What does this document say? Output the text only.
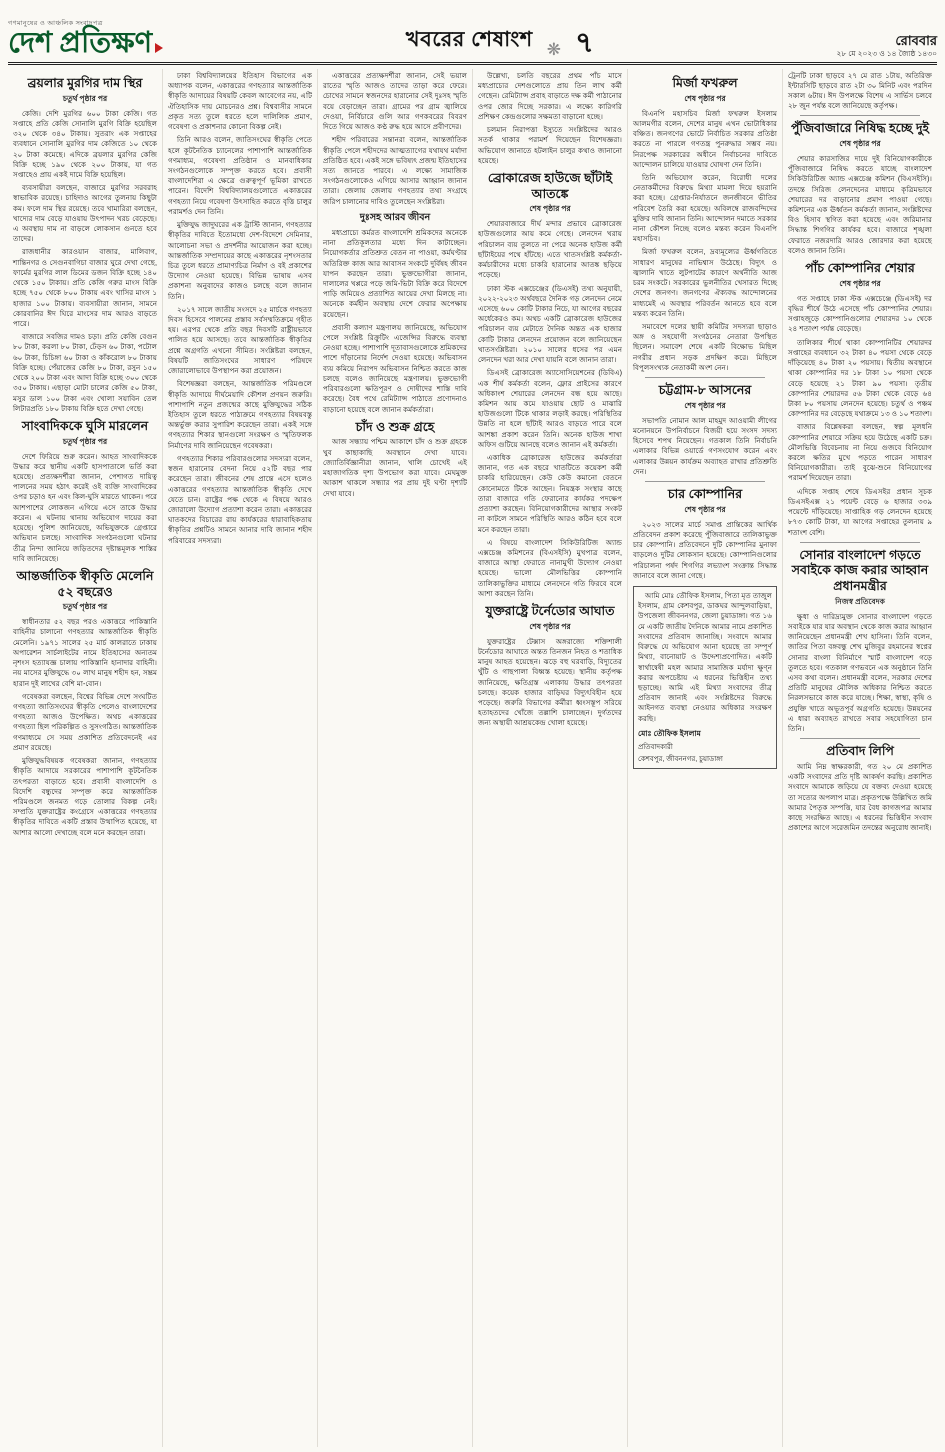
গণমানুষের ও আঞ্চলিক সংবাদপত্র
দেশ প্রতিক্ষণ	খবরের শেষাংশ ❋ ৭	রোববার
২৮ মে ২০২৩ ও ১৪ জ্যৈষ্ঠ ১৪৩০
ব্রয়লার মুরগির দাম স্থির
চতুর্থ পৃষ্ঠার পর

কেজি। দেশি মুরগির ৬০০ টাকা কেজি। গত সপ্তাহে প্রতি কেজি সোনালি মুরগি বিক্রি হয়েছিল ৩২০ থেকে ৩৪০ টাকায়। সুতরাং এক সপ্তাহের ব্যবধানে সোনালি মুরগির দাম কেজিতে ১০ থেকে ২০ টাকা কমেছে। এদিকে ব্রয়লার মুরগির কেজি বিক্রি হচ্ছে ১৯০ থেকে ২০০ টাকায়, যা গত সপ্তাহেও প্রায় একই দামে বিক্রি হয়েছিল।

ব্যবসায়ীরা বলছেন, বাজারে মুরগির সরবরাহ স্বাভাবিক রয়েছে। চাহিদাও আগের তুলনায় কিছুটা কম। ফলে দাম স্থির রয়েছে। তবে খামারিরা বলছেন, খাদ্যের দাম বেড়ে যাওয়ায় উৎপাদন খরচ বেড়েছে। এ অবস্থায় দাম না বাড়লে লোকসান গুনতে হবে তাদের।

রাজধানীর কারওয়ান বাজার, মালিবাগ, শান্তিনগর ও সেগুনবাগিচা বাজার ঘুরে দেখা গেছে, ফার্মের মুরগির লাল ডিমের ডজন বিক্রি হচ্ছে ১৪০ থেকে ১৫০ টাকায়। প্রতি কেজি গরুর মাংস বিক্রি হচ্ছে ৭৫০ থেকে ৮০০ টাকায় এবং খাসির মাংস ১ হাজার ১০০ টাকায়। ব্যবসায়ীরা জানান, সামনে কোরবানির ঈদ ঘিরে মাংসের দাম আরও বাড়তে পারে।

বাজারে সবজির দামও চড়া। প্রতি কেজি বেগুন ৮০ টাকা, করলা ৮০ টাকা, ঢেঁড়স ৬০ টাকা, পটোল ৬০ টাকা, চিচিঙ্গা ৬০ টাকা ও কাঁকরোল ৮০ টাকায় বিক্রি হচ্ছে। পেঁয়াজের কেজি ৮০ টাকা, রসুন ১৫০ থেকে ২০০ টাকা এবং আদা বিক্রি হচ্ছে ৩০০ থেকে ৩৫০ টাকায়। এছাড়া মোটা চালের কেজি ৫০ টাকা, মসুর ডাল ১০০ টাকা এবং খোলা সয়াবিন তেল লিটারপ্রতি ১৮০ টাকায় বিক্রি হতে দেখা গেছে।

সাংবাদিককে ঘুসি মারলেন
চতুর্থ পৃষ্ঠার পর

দেশে ফিরিয়ে শুরু করেন। আহত সাংবাদিককে উদ্ধার করে স্থানীয় একটি হাসপাতালে ভর্তি করা হয়েছে। প্রত্যক্ষদর্শীরা জানান, পেশাগত দায়িত্ব পালনের সময় হঠাৎ করেই ওই ব্যক্তি সাংবাদিকের ওপর চড়াও হন এবং কিল-ঘুসি মারতে থাকেন। পরে আশপাশের লোকজন এগিয়ে এসে তাকে উদ্ধার করেন। এ ঘটনায় থানায় অভিযোগ দায়ের করা হয়েছে। পুলিশ জানিয়েছে, অভিযুক্তকে গ্রেপ্তারে অভিযান চলছে। সাংবাদিক সংগঠনগুলো ঘটনার তীব্র নিন্দা জানিয়ে জড়িতদের দৃষ্টান্তমূলক শাস্তির দাবি জানিয়েছে।

আন্তর্জাতিক স্বীকৃতি মেলেনি ৫২ বছরেও
চতুর্থ পৃষ্ঠার পর

স্বাধীনতার ৫২ বছর পরও একাত্তরে পাকিস্তানি বাহিনীর চালানো গণহত্যার আন্তর্জাতিক স্বীকৃতি মেলেনি। ১৯৭১ সালের ২৫ মার্চ কালরাতে ঢাকায় অপারেশন সার্চলাইটের নামে ইতিহাসের অন্যতম নৃশংস হত্যাযজ্ঞ চালায় পাকিস্তানি হানাদার বাহিনী। নয় মাসের মুক্তিযুদ্ধে ৩০ লাখ মানুষ শহীদ হন, সম্ভ্রম হারান দুই লাখের বেশি মা-বোন।

গবেষকরা বলছেন, বিশ্বের বিভিন্ন দেশে সংঘটিত গণহত্যা জাতিসংঘের স্বীকৃতি পেলেও বাংলাদেশের গণহত্যা আজও উপেক্ষিত। অথচ একাত্তরের গণহত্যা ছিল পরিকল্পিত ও সুসংগঠিত। আন্তর্জাতিক গণমাধ্যমে সে সময় প্রকাশিত প্রতিবেদনেই এর প্রমাণ রয়েছে।

মুক্তিযুদ্ধবিষয়ক গবেষকরা জানান, গণহত্যার স্বীকৃতি আদায়ে সরকারের পাশাপাশি কূটনৈতিক তৎপরতা বাড়াতে হবে। প্রবাসী বাংলাদেশি ও বিদেশি বন্ধুদের সম্পৃক্ত করে আন্তর্জাতিক পরিমণ্ডলে জনমত গড়ে তোলার বিকল্প নেই। সম্প্রতি যুক্তরাষ্ট্রের কংগ্রেসে একাত্তরের গণহত্যার স্বীকৃতির দাবিতে একটি প্রস্তাব উত্থাপিত হয়েছে, যা আশার আলো দেখাচ্ছে বলে মনে করছেন তারা।

ঢাকা বিশ্ববিদ্যালয়ের ইতিহাস বিভাগের এক অধ্যাপক বলেন, একাত্তরের গণহত্যার আন্তর্জাতিক স্বীকৃতি আদায়ের বিষয়টি কেবল আবেগের নয়, এটি ঐতিহাসিক দায় মোচনেরও প্রশ্ন। বিশ্ববাসীর সামনে প্রকৃত সত্য তুলে ধরতে হলে দালিলিক প্রমাণ, গবেষণা ও প্রকাশনার কোনো বিকল্প নেই।

তিনি আরও বলেন, জাতিসংঘের স্বীকৃতি পেতে হলে কূটনৈতিক চ্যানেলের পাশাপাশি আন্তর্জাতিক গণমাধ্যম, গবেষণা প্রতিষ্ঠান ও মানবাধিকার সংগঠনগুলোকে সম্পৃক্ত করতে হবে। প্রবাসী বাংলাদেশিরা এ ক্ষেত্রে গুরুত্বপূর্ণ ভূমিকা রাখতে পারেন। বিদেশি বিশ্ববিদ্যালয়গুলোতে একাত্তরের গণহত্যা নিয়ে গবেষণা উৎসাহিত করতে বৃত্তি চালুর পরামর্শও দেন তিনি।

মুক্তিযুদ্ধ জাদুঘরের এক ট্রাস্টি জানান, গণহত্যার স্বীকৃতির দাবিতে ইতোমধ্যে দেশ-বিদেশে সেমিনার, আলোচনা সভা ও প্রদর্শনীর আয়োজন করা হচ্ছে। আন্তর্জাতিক সম্প্রদায়ের কাছে একাত্তরের নৃশংসতার চিত্র তুলে ধরতে প্রামাণ্যচিত্র নির্মাণ ও বই প্রকাশের উদ্যোগ নেওয়া হয়েছে। বিভিন্ন ভাষায় এসব প্রকাশনা অনুবাদের কাজও চলছে বলে জানান তিনি।

২০১৭ সালে জাতীয় সংসদে ২৫ মার্চকে গণহত্যা দিবস হিসেবে পালনের প্রস্তাব সর্বসম্মতিক্রমে গৃহীত হয়। এরপর থেকে প্রতি বছর দিবসটি রাষ্ট্রীয়ভাবে পালিত হয়ে আসছে। তবে আন্তর্জাতিক স্বীকৃতির প্রশ্নে অগ্রগতি এখনো সীমিত। সংশ্লিষ্টরা বলছেন, বিষয়টি জাতিসংঘের সাধারণ পরিষদে জোরালোভাবে উপস্থাপন করা প্রয়োজন।

বিশেষজ্ঞরা বলছেন, আন্তর্জাতিক পরিমণ্ডলে স্বীকৃতি আদায়ে দীর্ঘমেয়াদি কৌশল প্রণয়ন জরুরি। পাশাপাশি নতুন প্রজন্মের কাছে মুক্তিযুদ্ধের সঠিক ইতিহাস তুলে ধরতে পাঠ্যক্রমে গণহত্যার বিষয়বস্তু অন্তর্ভুক্ত করার সুপারিশ করেছেন তারা। একই সঙ্গে গণহত্যার শিকার স্থানগুলো সংরক্ষণ ও স্মৃতিফলক নির্মাণের দাবি জানিয়েছেন গবেষকরা।

গণহত্যার শিকার পরিবারগুলোর সদস্যরা বলেন, স্বজন হারানোর বেদনা নিয়ে ৫২টি বছর পার করেছেন তারা। জীবনের শেষ প্রান্তে এসে হলেও একাত্তরের গণহত্যার আন্তর্জাতিক স্বীকৃতি দেখে যেতে চান। রাষ্ট্রের পক্ষ থেকে এ বিষয়ে আরও জোরালো উদ্যোগ প্রত্যাশা করেন তারা। একাত্তরের ঘাতকদের বিচারের রায় কার্যকরের ধারাবাহিকতায় স্বীকৃতির প্রশ্নটিও সামনে আনার দাবি জানান শহীদ পরিবারের সদস্যরা।

একাত্তরের প্রত্যক্ষদর্শীরা জানান, সেই ভয়াল রাতের স্মৃতি আজও তাদের তাড়া করে ফেরে। চোখের সামনে স্বজনদের হারানোর সেই দুঃসহ স্মৃতি বয়ে বেড়াচ্ছেন তারা। গ্রামের পর গ্রাম জ্বালিয়ে দেওয়া, নির্বিচারে গুলি আর গণকবরের বিবরণ দিতে গিয়ে আজও কণ্ঠ রুদ্ধ হয়ে আসে প্রবীণদের।

শহীদ পরিবারের সন্তানরা বলেন, আন্তর্জাতিক স্বীকৃতি পেলে শহীদদের আত্মত্যাগের যথাযথ মর্যাদা প্রতিষ্ঠিত হবে। একই সঙ্গে ভবিষ্যৎ প্রজন্ম ইতিহাসের সত্য জানতে পারবে। এ লক্ষ্যে সামাজিক সংগঠনগুলোকেও এগিয়ে আসার আহ্বান জানান তারা। জেলায় জেলায় গণহত্যার তথ্য সংগ্রহে জরিপ চালানোর দাবিও তুলেছেন সংশ্লিষ্টরা।

দুঃসহ আরব জীবন

মধ্যপ্রাচ্যে কর্মরত বাংলাদেশি শ্রমিকদের অনেকে নানা প্রতিকূলতার মধ্যে দিন কাটাচ্ছেন। নিয়োগকর্তার প্রতিশ্রুত বেতন না পাওয়া, কর্মঘণ্টার অতিরিক্ত কাজ আর আবাসন সংকটে দুর্বিষহ জীবন যাপন করছেন তারা। ভুক্তভোগীরা জানান, দালালের খপ্পরে পড়ে জমি-ভিটা বিক্রি করে বিদেশে পাড়ি জমিয়েও প্রত্যাশিত আয়ের দেখা মিলছে না। অনেকে কর্মহীন অবস্থায় দেশে ফেরার অপেক্ষায় রয়েছেন।

প্রবাসী কল্যাণ মন্ত্রণালয় জানিয়েছে, অভিযোগ পেলে সংশ্লিষ্ট রিক্রুটিং এজেন্সির বিরুদ্ধে ব্যবস্থা নেওয়া হচ্ছে। পাশাপাশি দূতাবাসগুলোকে শ্রমিকদের পাশে দাঁড়ানোর নির্দেশ দেওয়া হয়েছে। অভিবাসন ব্যয় কমিয়ে নিরাপদ অভিবাসন নিশ্চিত করতে কাজ চলছে বলেও জানিয়েছে মন্ত্রণালয়। ভুক্তভোগী পরিবারগুলো ক্ষতিপূরণ ও দোষীদের শাস্তি দাবি করেছে। বৈধ পথে রেমিট্যান্স পাঠাতে প্রণোদনাও বাড়ানো হয়েছে বলে জানান কর্মকর্তারা।

চাঁদ ও শুক্র গ্রহে

আজ সন্ধ্যায় পশ্চিম আকাশে চাঁদ ও শুক্র গ্রহকে খুব কাছাকাছি অবস্থানে দেখা যাবে। জ্যোতির্বিজ্ঞানীরা জানান, খালি চোখেই এই মহাজাগতিক দৃশ্য উপভোগ করা যাবে। মেঘমুক্ত আকাশ থাকলে সন্ধ্যার পর প্রায় দুই ঘণ্টা দৃশ্যটি দেখা যাবে।

উল্লেখ্য, চলতি বছরের প্রথম পাঁচ মাসে মধ্যপ্রাচ্যের দেশগুলোতে প্রায় তিন লাখ কর্মী গেছেন। রেমিট্যান্স প্রবাহ বাড়াতে দক্ষ কর্মী পাঠানোর ওপর জোর দিচ্ছে সরকার। এ লক্ষ্যে কারিগরি প্রশিক্ষণ কেন্দ্রগুলোর সক্ষমতা বাড়ানো হচ্ছে।

চলমান নিরাপত্তা ইস্যুতে সংশ্লিষ্টদের আরও সতর্ক থাকার পরামর্শ দিয়েছেন বিশেষজ্ঞরা। অভিযোগ জানাতে হটলাইন চালুর কথাও জানানো হয়েছে।

ব্রোকারেজ হাউজে ছাঁটাই আতঙ্কে
শেষ পৃষ্ঠার পর

শেয়ারবাজারে দীর্ঘ মন্দার প্রভাবে ব্রোকারেজ হাউজগুলোর আয় কমে গেছে। লেনদেন খরায় পরিচালন ব্যয় তুলতে না পেরে অনেক হাউজ কর্মী ছাঁটাইয়ের পথে হাঁটছে। এতে খাতসংশ্লিষ্ট কর্মকর্তা-কর্মচারীদের মধ্যে চাকরি হারানোর আতঙ্ক ছড়িয়ে পড়েছে।

ঢাকা স্টক এক্সচেঞ্জের (ডিএসই) তথ্য অনুযায়ী, ২০২২-২০২৩ অর্থবছরে দৈনিক গড় লেনদেন নেমে এসেছে ৬০০ কোটি টাকার নিচে, যা আগের বছরের অর্ধেকেরও কম। অথচ একটি ব্রোকারেজ হাউজের পরিচালন ব্যয় মেটাতে দৈনিক অন্তত এক হাজার কোটি টাকার লেনদেন প্রয়োজন বলে জানিয়েছেন খাতসংশ্লিষ্টরা। ২০১০ সালের ধসের পর এমন লেনদেন খরা আর দেখা যায়নি বলে জানান তারা।

ডিএসই ব্রোকারেজ অ্যাসোসিয়েশনের (ডিবিএ) এক শীর্ষ কর্মকর্তা বলেন, ফ্লোর প্রাইসের কারণে অধিকাংশ শেয়ারের লেনদেন বন্ধ হয়ে আছে। কমিশন আয় কমে যাওয়ায় ছোট ও মাঝারি হাউজগুলো টিকে থাকার লড়াই করছে। পরিস্থিতির উন্নতি না হলে ছাঁটাই আরও বাড়তে পারে বলে আশঙ্কা প্রকাশ করেন তিনি। অনেক হাউজ শাখা অফিস গুটিয়ে আনছে বলেও জানান এই কর্মকর্তা।

একাধিক ব্রোকারেজ হাউজের কর্মকর্তারা জানান, গত এক বছরে খাতটিতে কয়েকশ কর্মী চাকরি হারিয়েছেন। কেউ কেউ কমানো বেতনে কোনোমতে টিকে আছেন। নিয়ন্ত্রক সংস্থার কাছে তারা বাজারে গতি ফেরানোর কার্যকর পদক্ষেপ প্রত্যাশা করছেন। বিনিয়োগকারীদের আস্থার সংকট না কাটলে সামনে পরিস্থিতি আরও কঠিন হবে বলে মনে করছেন তারা।

এ বিষয়ে বাংলাদেশ সিকিউরিটিজ অ্যান্ড এক্সচেঞ্জ কমিশনের (বিএসইসি) মুখপাত্র বলেন, বাজারে আস্থা ফেরাতে নানামুখী উদ্যোগ নেওয়া হয়েছে। ভালো মৌলভিত্তির কোম্পানি তালিকাভুক্তির মাধ্যমে লেনদেনে গতি ফিরবে বলে আশা করছেন তিনি।

যুক্তরাষ্ট্রে টর্নেডোর আঘাত
শেষ পৃষ্ঠার পর

যুক্তরাষ্ট্রের টেক্সাস অঙ্গরাজ্যে শক্তিশালী টর্নেডোর আঘাতে অন্তত তিনজন নিহত ও শতাধিক মানুষ আহত হয়েছেন। ঝড়ে বহু ঘরবাড়ি, বিদ্যুতের খুঁটি ও গাছপালা বিধ্বস্ত হয়েছে। স্থানীয় কর্তৃপক্ষ জানিয়েছে, ক্ষতিগ্রস্ত এলাকায় উদ্ধার তৎপরতা চলছে। কয়েক হাজার বাড়িঘর বিদ্যুৎবিহীন হয়ে পড়েছে। জরুরি বিভাগের কর্মীরা ধ্বংসস্তূপ সরিয়ে হতাহতদের খোঁজে তল্লাশি চালাচ্ছেন। দুর্গতদের জন্য অস্থায়ী আশ্রয়কেন্দ্র খোলা হয়েছে।

মির্জা ফখরুল
শেষ পৃষ্ঠার পর

বিএনপি মহাসচিব মির্জা ফখরুল ইসলাম আলমগীর বলেন, দেশের মানুষ এখন ভোটাধিকার বঞ্চিত। জনগণের ভোটে নির্বাচিত সরকার প্রতিষ্ঠা করতে না পারলে গণতন্ত্র পুনরুদ্ধার সম্ভব নয়। নিরপেক্ষ সরকারের অধীনে নির্বাচনের দাবিতে আন্দোলন চালিয়ে যাওয়ার ঘোষণা দেন তিনি।

তিনি অভিযোগ করেন, বিরোধী দলের নেতাকর্মীদের বিরুদ্ধে মিথ্যা মামলা দিয়ে হয়রানি করা হচ্ছে। গ্রেপ্তার-নির্যাতনে জনজীবনে ভীতির পরিবেশ তৈরি করা হয়েছে। অবিলম্বে রাজবন্দিদের মুক্তির দাবি জানান তিনি। আন্দোলন দমাতে সরকার নানা কৌশল নিচ্ছে বলেও মন্তব্য করেন বিএনপি মহাসচিব।

মির্জা ফখরুল বলেন, দ্রব্যমূল্যের ঊর্ধ্বগতিতে সাধারণ মানুষের নাভিশ্বাস উঠেছে। বিদ্যুৎ ও জ্বালানি খাতে লুটপাটের কারণে অর্থনীতি আজ চরম সংকটে। সরকারের ভুলনীতির খেসারত দিচ্ছে দেশের জনগণ। জনগণের ঐক্যবদ্ধ আন্দোলনের মাধ্যমেই এ অবস্থার পরিবর্তন আনতে হবে বলে মন্তব্য করেন তিনি।

সমাবেশে দলের স্থায়ী কমিটির সদস্যরা ছাড়াও অঙ্গ ও সহযোগী সংগঠনের নেতারা উপস্থিত ছিলেন। সমাবেশ শেষে একটি বিক্ষোভ মিছিল নগরীর প্রধান সড়ক প্রদক্ষিণ করে। মিছিলে বিপুলসংখ্যক নেতাকর্মী অংশ নেন।

চট্টগ্রাম-৮ আসনের
শেষ পৃষ্ঠার পর

সভাপতি নোমান আল মাহমুদ আওয়ামী লীগের মনোনয়নে উপনির্বাচনে বিজয়ী হয়ে সংসদ সদস্য হিসেবে শপথ নিয়েছেন। গতকাল তিনি নির্বাচনি এলাকার বিভিন্ন ওয়ার্ডে গণসংযোগ করেন এবং এলাকার উন্নয়ন কার্যক্রম অব্যাহত রাখার প্রতিশ্রুতি দেন।

চার কোম্পানির
শেষ পৃষ্ঠার পর

২০২৩ সালের মার্চে সমাপ্ত প্রান্তিকের আর্থিক প্রতিবেদন প্রকাশ করেছে পুঁজিবাজারে তালিকাভুক্ত চার কোম্পানি। প্রতিবেদনে দুটি কোম্পানির মুনাফা বাড়লেও দুটির লোকসান হয়েছে। কোম্পানিগুলোর পরিচালনা পর্ষদ শিগগির লভ্যাংশ সংক্রান্ত সিদ্ধান্ত জানাবে বলে জানা গেছে।

আমি মোঃ তৌফিক ইসলাম, পিতা মৃত তাজুল ইসলাম, গ্রাম কেশবপুর, ডাকঘর আন্দুলবাড়িয়া, উপজেলা জীবননগর, জেলা চুয়াডাঙ্গা। গত ১৬ মে একটি জাতীয় দৈনিকে আমার নামে প্রকাশিত সংবাদের প্রতিবাদ জানাচ্ছি। সংবাদে আমার বিরুদ্ধে যে অভিযোগ আনা হয়েছে তা সম্পূর্ণ মিথ্যা, বানোয়াট ও উদ্দেশ্যপ্রণোদিত। একটি স্বার্থান্বেষী মহল আমার সামাজিক মর্যাদা ক্ষুণ্ন করার অপচেষ্টায় এ ধরনের ভিত্তিহীন তথ্য ছড়াচ্ছে। আমি এই মিথ্যা সংবাদের তীব্র প্রতিবাদ জানাই এবং সংশ্লিষ্টদের বিরুদ্ধে আইনগত ব্যবস্থা নেওয়ার অধিকার সংরক্ষণ করছি।

মোঃ তৌফিক ইসলাম
প্রতিবাদকারী
কেশবপুর, জীবননগর, চুয়াডাঙ্গা

ট্রেনটি ঢাকা ছাড়বে ২৭ মে রাত ১টায়, অতিরিক্ত ইন্টারসিটি ছাড়বে রাত ২টা ৩০ মিনিট এবং পরদিন সকাল ৬টায়। ঈদ উপলক্ষে বিশেষ এ সার্ভিস চলবে ২৮ জুন পর্যন্ত বলে জানিয়েছে কর্তৃপক্ষ।

পুঁজিবাজারে নিষিদ্ধ হচ্ছে দুই
শেষ পৃষ্ঠার পর

শেয়ার কারসাজির দায়ে দুই বিনিয়োগকারীকে পুঁজিবাজারে নিষিদ্ধ করতে যাচ্ছে বাংলাদেশ সিকিউরিটিজ অ্যান্ড এক্সচেঞ্জ কমিশন (বিএসইসি)। তদন্তে সিরিজ লেনদেনের মাধ্যমে কৃত্রিমভাবে শেয়ারের দর বাড়ানোর প্রমাণ পাওয়া গেছে। কমিশনের এক ঊর্ধ্বতন কর্মকর্তা জানান, সংশ্লিষ্টদের বিও হিসাব স্থগিত করা হয়েছে এবং জরিমানার সিদ্ধান্ত শিগগির কার্যকর হবে। বাজারে শৃঙ্খলা ফেরাতে নজরদারি আরও জোরদার করা হয়েছে বলেও জানান তিনি।

পাঁচ কোম্পানির শেয়ার
শেষ পৃষ্ঠার পর

গত সপ্তাহে ঢাকা স্টক এক্সচেঞ্জে (ডিএসই) দর বৃদ্ধির শীর্ষে উঠে এসেছে পাঁচ কোম্পানির শেয়ার। সপ্তাহজুড়ে কোম্পানিগুলোর শেয়ারদর ১০ থেকে ২৪ শতাংশ পর্যন্ত বেড়েছে।

তালিকার শীর্ষে থাকা কোম্পানিটির শেয়ারদর সপ্তাহের ব্যবধানে ৩২ টাকা ৪০ পয়সা থেকে বেড়ে দাঁড়িয়েছে ৪০ টাকা ২০ পয়সায়। দ্বিতীয় অবস্থানে থাকা কোম্পানির দর ১৮ টাকা ১০ পয়সা থেকে বেড়ে হয়েছে ২১ টাকা ৯০ পয়সা। তৃতীয় কোম্পানির শেয়ারদর ৫৬ টাকা থেকে বেড়ে ৬৪ টাকা ৮০ পয়সায় লেনদেন হয়েছে। চতুর্থ ও পঞ্চম কোম্পানির দর বেড়েছে যথাক্রমে ১৩ ও ১০ শতাংশ।

বাজার বিশ্লেষকরা বলছেন, স্বল্প মূলধনি কোম্পানির শেয়ারে সক্রিয় হয়ে উঠেছে একটি চক্র। মৌলভিত্তি বিবেচনায় না নিয়ে গুজবে বিনিয়োগ করলে ক্ষতির মুখে পড়তে পারেন সাধারণ বিনিয়োগকারীরা। তাই বুঝে-শুনে বিনিয়োগের পরামর্শ দিয়েছেন তারা।

এদিকে সপ্তাহ শেষে ডিএসইর প্রধান সূচক ডিএসইএক্স ২১ পয়েন্ট বেড়ে ৬ হাজার ৩৩৯ পয়েন্টে দাঁড়িয়েছে। সাপ্তাহিক গড় লেনদেন হয়েছে ৮৭৩ কোটি টাকা, যা আগের সপ্তাহের তুলনায় ৯ শতাংশ বেশি।

সোনার বাংলাদেশ গড়তে সবাইকে কাজ করার আহ্বান প্রধানমন্ত্রীর
নিজস্ব প্রতিবেদক

ক্ষুধা ও দারিদ্র্যমুক্ত সোনার বাংলাদেশ গড়তে সবাইকে যার যার অবস্থান থেকে কাজ করার আহ্বান জানিয়েছেন প্রধানমন্ত্রী শেখ হাসিনা। তিনি বলেন, জাতির পিতা বঙ্গবন্ধু শেখ মুজিবুর রহমানের স্বপ্নের সোনার বাংলা বিনির্মাণে স্মার্ট বাংলাদেশ গড়ে তুলতে হবে। গতকাল গণভবনে এক অনুষ্ঠানে তিনি এসব কথা বলেন। প্রধানমন্ত্রী বলেন, সরকার দেশের প্রতিটি মানুষের মৌলিক অধিকার নিশ্চিত করতে নিরলসভাবে কাজ করে যাচ্ছে। শিক্ষা, স্বাস্থ্য, কৃষি ও প্রযুক্তি খাতে অভূতপূর্ব অগ্রগতি হয়েছে। উন্নয়নের এ ধারা অব্যাহত রাখতে সবার সহযোগিতা চান তিনি।

প্রতিবাদ লিপি

আমি নিম্ন স্বাক্ষরকারী, গত ২০ মে প্রকাশিত একটি সংবাদের প্রতি দৃষ্টি আকর্ষণ করছি। প্রকাশিত সংবাদে আমাকে জড়িয়ে যে বক্তব্য দেওয়া হয়েছে তা সত্যের অপলাপ মাত্র। প্রকৃতপক্ষে উল্লিখিত জমি আমার পৈতৃক সম্পত্তি, যার বৈধ কাগজপত্র আমার কাছে সংরক্ষিত আছে। এ ধরনের ভিত্তিহীন সংবাদ প্রকাশের আগে সরেজমিন তদন্তের অনুরোধ জানাই।
